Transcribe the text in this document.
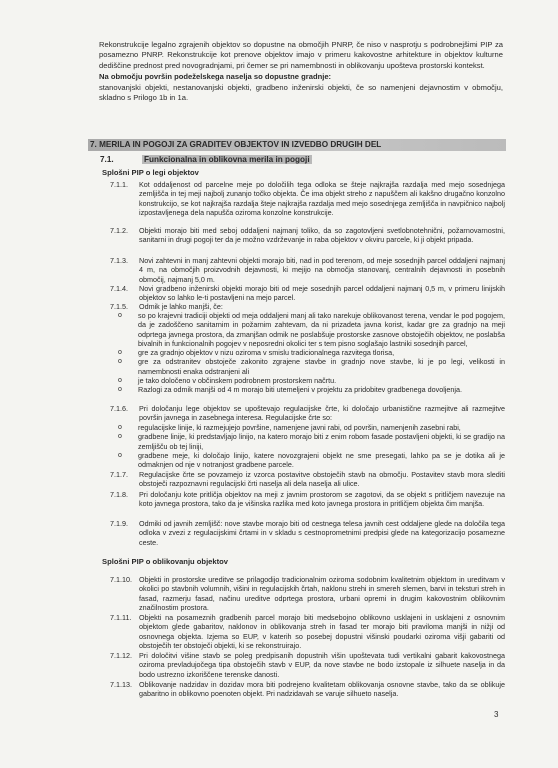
Rekonstrukcije legalno zgrajenih objektov so dopustne na območjih PNRP, če niso v nasprotju s podrobnejšimi PIP za posamezno PNRP. Rekonstrukcije kot prenove objektov imajo v primeru kakovostne arhitekture in objektov kulturne dediščine prednost pred novogradnjami, pri čemer se pri namembnosti in oblikovanju upošteva prostorski kontekst.

Na območju površin podeželskega naselja so dopustne gradnje:

stanovanjski objekti, nestanovanjski objekti, gradbeno inženirski objekti, če so namenjeni dejavnostim v območju, skladno s Prilogo 1b in 1a.

7. MERILA IN POGOJI ZA GRADITEV OBJEKTOV IN IZVEDBO DRUGIH DEL
7.1.	Funkcionalna in oblikovna merila in pogoji
Splošni PIP o legi objektov
7.1.1. Kot oddaljenost od parcelne meje po določilih tega odloka se šteje najkrajša razdalja med mejo sosednjega zemljišča in tej meji najbolj zunanjo točko objekta. Če ima objekt streho z napuščem ali kakšno drugačno konzolno konstrukcijo, se kot najkrajša razdalja šteje najkrajša razdalja med mejo sosednjega zemljišča in navpičnico najbolj izpostavljenega dela napušča oziroma konzolne konstrukcije.
7.1.2. Objekti morajo biti med seboj oddaljeni najmanj toliko, da so zagotovljeni svetlobnotehnični, požarnovarnostni, sanitarni in drugi pogoji ter da je možno vzdrževanje in raba objektov v okviru parcele, ki ji objekt pripada.
7.1.3. Novi zahtevni in manj zahtevni objekti morajo biti, nad in pod terenom, od meje sosednjih parcel oddaljeni najmanj 4 m, na območjih proizvodnih dejavnosti, ki mejijo na območja stanovanj, centralnih dejavnosti in posebnih območij, najmanj 5,0 m.
7.1.4. Novi gradbeno inženirski objekti morajo biti od meje sosednjih parcel oddaljeni najmanj 0,5 m, v primeru linijskih objektov so lahko le-ti postavljeni na mejo parcel.
7.1.5. Odmik je lahko manjši, če:
o so po krajevni tradiciji objekti od meja oddaljeni manj ali tako narekuje oblikovanost terena, vendar le pod pogojem, da je zadoščeno sanitarnim in požarnim zahtevam, da ni prizadeta javna korist, kadar gre za gradnjo na meji odprtega javnega prostora, da zmanjšan odmik ne poslabšuje prostorske zasnove obstoječih objektov, ne poslabša bivalnih in funkcionalnih pogojev v neposredni okolici ter s tem pisno soglašajo lastniki sosednjih parcel,
o gre za gradnjo objektov v nizu oziroma v smislu tradicionalnega razvitega tlorisa,
o gre za odstranitev obstoječe zakonito zgrajene stavbe in gradnjo nove stavbe, ki je po legi, velikosti in namembnosti enaka odstranjeni ali
o je tako določeno v občinskem podrobnem prostorskem načrtu.
o Razlogi za odmik manjši od 4 m morajo biti utemeljeni v projektu za pridobitev gradbenega dovoljenja.
7.1.6. Pri določanju lege objektov se upoštevajo regulacijske črte, ki določajo urbanistične razmejitve ali razmejitve površin javnega in zasebnega interesa. Regulacijske črte so:
o regulacijske linije, ki razmejujejo površine, namenjene javni rabi, od površin, namenjenih zasebni rabi,
o gradbene linije, ki predstavljajo linijo, na katero morajo biti z enim robom fasade postavljeni objekti, ki se gradijo na zemljišču ob tej liniji,
o gradbene meje, ki določajo linijo, katere novozgrajeni objekt ne sme presegati, lahko pa se je dotika ali je odmaknjen od nje v notranjost gradbene parcele.
7.1.7. Regulacijske črte se povzamejo iz vzorca postavitve obstoječih stavb na območju. Postavitev stavb mora slediti obstoječi razpoznavni regulacijski črti naselja ali dela naselja ali ulice.
7.1.8. Pri določanju kote pritličja objektov na meji z javnim prostorom se zagotovi, da se objekt s pritličjem navezuje na koto javnega prostora, tako da je višinska razlika med koto javnega prostora in pritličjem objekta čim manjša.
7.1.9. Odmiki od javnih zemljišč: nove stavbe morajo biti od cestnega telesa javnih cest oddaljene glede na določila tega odloka v zvezi z regulacijskimi črtami in v skladu s cestnoprometnimi predpisi glede na kategorizacijo posamezne ceste.
Splošni PIP o oblikovanju objektov
7.1.10. Objekti in prostorske ureditve se prilagodijo tradicionalnim oziroma sodobnim kvalitetnim objektom in ureditvam v okolici po stavbnih volumnih, višini in regulacijskih črtah, naklonu strehi in smereh slemen, barvi in teksturi streh in fasad, razmerju fasad, načinu ureditve odprtega prostora, urbani opremi in drugim kakovostnim oblikovnim značilnostim prostora.
7.1.11. Objekti na posameznih gradbenih parcel morajo biti medsebojno oblikovno usklajeni in usklajeni z osnovnim objektom glede gabaritov, naklonov in oblikovanja streh in fasad ter morajo biti praviloma manjši in nižji od osnovnega objekta. Izjema so EUP, v katerih so posebej dopustni višinski poudarki oziroma višji gabariti od obstoječih ter obstoječi objekti, ki se rekonstruirajo.
7.1.12. Pri določitvi višine stavb se poleg predpisanih dopustnih višin upoštevata tudi vertikalni gabarit kakovostnega oziroma prevladujočega tipa obstoječih stavb v EUP, da nove stavbe ne bodo izstopale iz silhuete naselja in da bodo ustrezno izkoriščene terenske danosti.
7.1.13. Oblikovanje nadzidav in dozidav mora biti podrejeno kvalitetam oblikovanja osnovne stavbe, tako da se oblikuje gabaritno in oblikovno poenoten objekt. Pri nadzidavah se varuje silhueto naselja.
3
